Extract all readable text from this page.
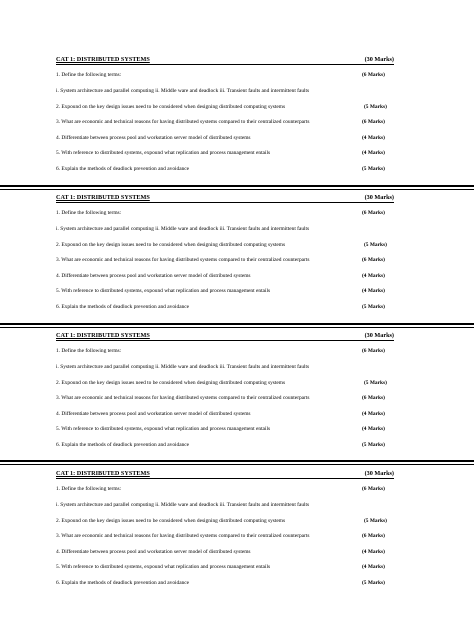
CAT 1: DISTRIBUTED SYSTEMS	(30 Marks)
1. Define the following terms:	(6 Marks)
i. System architecture and parallel computing ii. Middle ware and deadlock iii. Transient faults and intermittent faults
2. Expound on the key design issues need to be considered when designing distributed computing systems	(5 Marks)
3. What are economic and technical reasons for having distributed systems compared to their centralized counterparts	(6 Marks)
4. Differentiate between process pool and workstation server model of distributed systems	(4 Marks)
5. With reference to distributed systems, expound what replication and process management entails	(4 Marks)
6. Explain the methods of deadlock prevention and avoidance	(5 Marks)
CAT 1: DISTRIBUTED SYSTEMS	(30 Marks)
1. Define the following terms:	(6 Marks)
i. System architecture and parallel computing ii. Middle ware and deadlock iii. Transient faults and intermittent faults
2. Expound on the key design issues need to be considered when designing distributed computing systems	(5 Marks)
3. What are economic and technical reasons for having distributed systems compared to their centralized counterparts	(6 Marks)
4. Differentiate between process pool and workstation server model of distributed systems	(4 Marks)
5. With reference to distributed systems, expound what replication and process management entails	(4 Marks)
6. Explain the methods of deadlock prevention and avoidance	(5 Marks)
CAT 1: DISTRIBUTED SYSTEMS	(30 Marks)
1. Define the following terms:	(6 Marks)
i. System architecture and parallel computing ii. Middle ware and deadlock iii. Transient faults and intermittent faults
2. Expound on the key design issues need to be considered when designing distributed computing systems	(5 Marks)
3. What are economic and technical reasons for having distributed systems compared to their centralized counterparts	(6 Marks)
4. Differentiate between process pool and workstation server model of distributed systems	(4 Marks)
5. With reference to distributed systems, expound what replication and process management entails	(4 Marks)
6. Explain the methods of deadlock prevention and avoidance	(5 Marks)
CAT 1: DISTRIBUTED SYSTEMS	(30 Marks)
1. Define the following terms:	(6 Marks)
i. System architecture and parallel computing ii. Middle ware and deadlock iii. Transient faults and intermittent faults
2. Expound on the key design issues need to be considered when designing distributed computing systems	(5 Marks)
3. What are economic and technical reasons for having distributed systems compared to their centralized counterparts	(6 Marks)
4. Differentiate between process pool and workstation server model of distributed systems	(4 Marks)
5. With reference to distributed systems, expound what replication and process management entails	(4 Marks)
6. Explain the methods of deadlock prevention and avoidance	(5 Marks)
